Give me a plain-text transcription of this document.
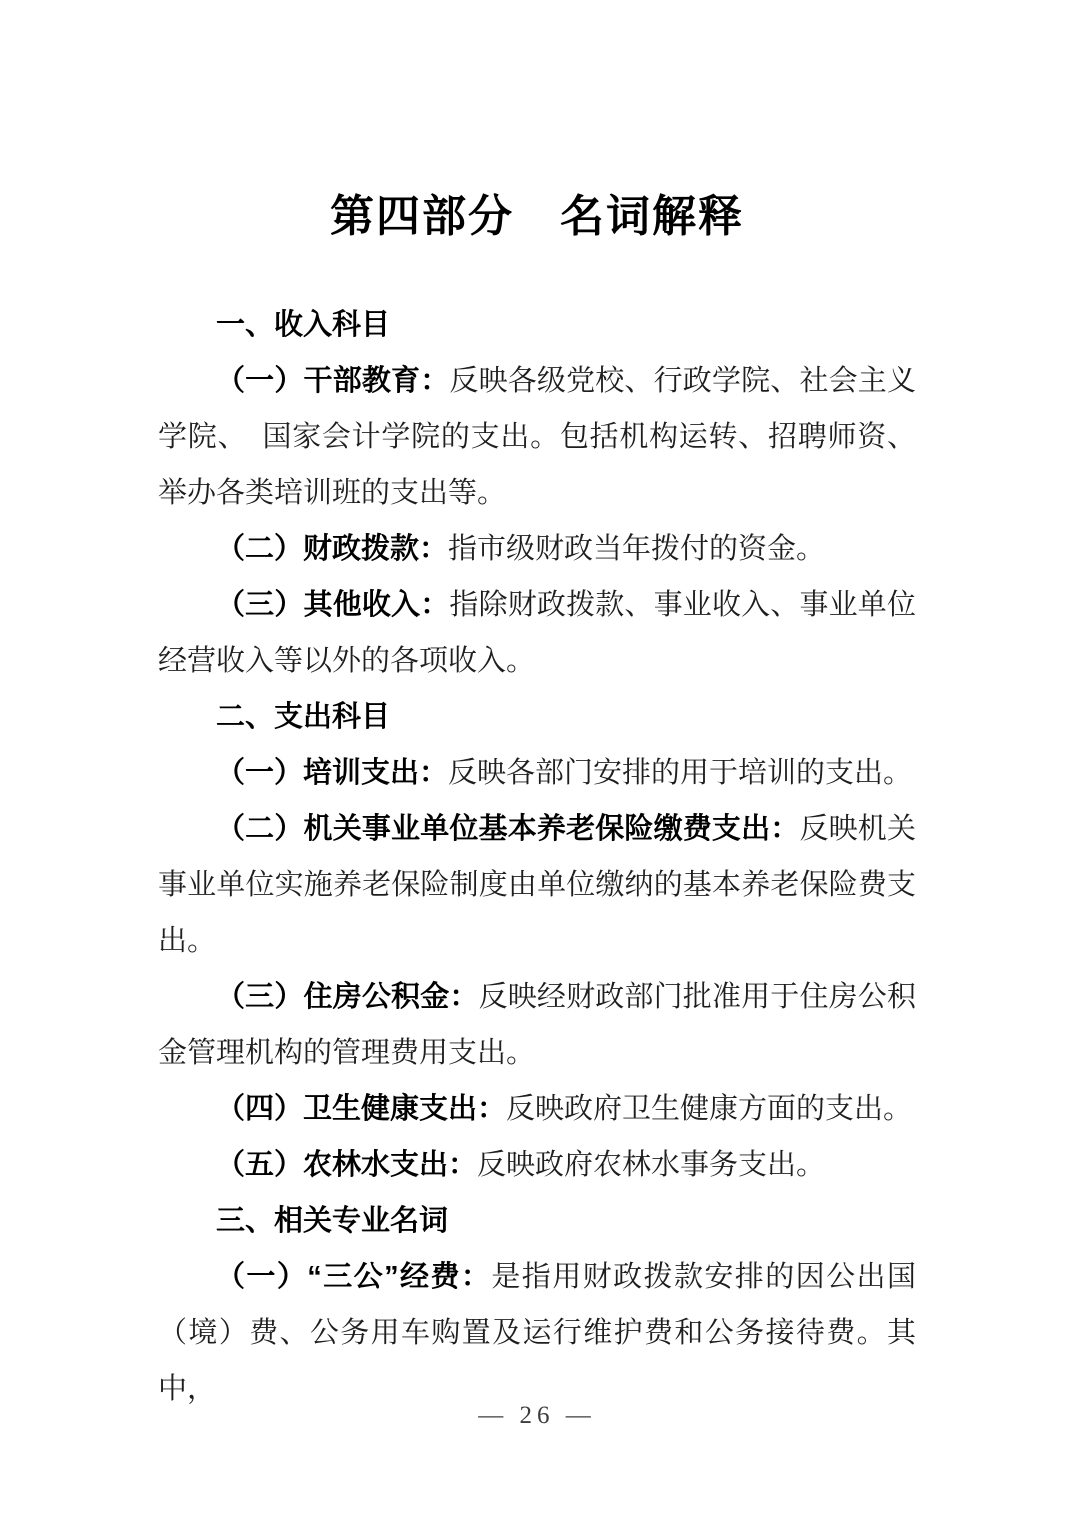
第四部分　名词解释

一、收入科目

（一）干部教育：反映各级党校、行政学院、社会主义学院、　国家会计学院的支出。包括机构运转、招聘师资、举办各类培训班的支出等。

（二）财政拨款：指市级财政当年拨付的资金。

（三）其他收入：指除财政拨款、事业收入、事业单位经营收入等以外的各项收入。

二、支出科目

（一）培训支出：反映各部门安排的用于培训的支出。

（二）机关事业单位基本养老保险缴费支出：反映机关事业单位实施养老保险制度由单位缴纳的基本养老保险费支出。

（三）住房公积金：反映经财政部门批准用于住房公积金管理机构的管理费用支出。

（四）卫生健康支出：反映政府卫生健康方面的支出。

（五）农林水支出：反映政府农林水事务支出。

三、相关专业名词

（一）“三公”经费：是指用财政拨款安排的因公出国（境）费、公务用车购置及运行维护费和公务接待费。其中，

— 26 —
